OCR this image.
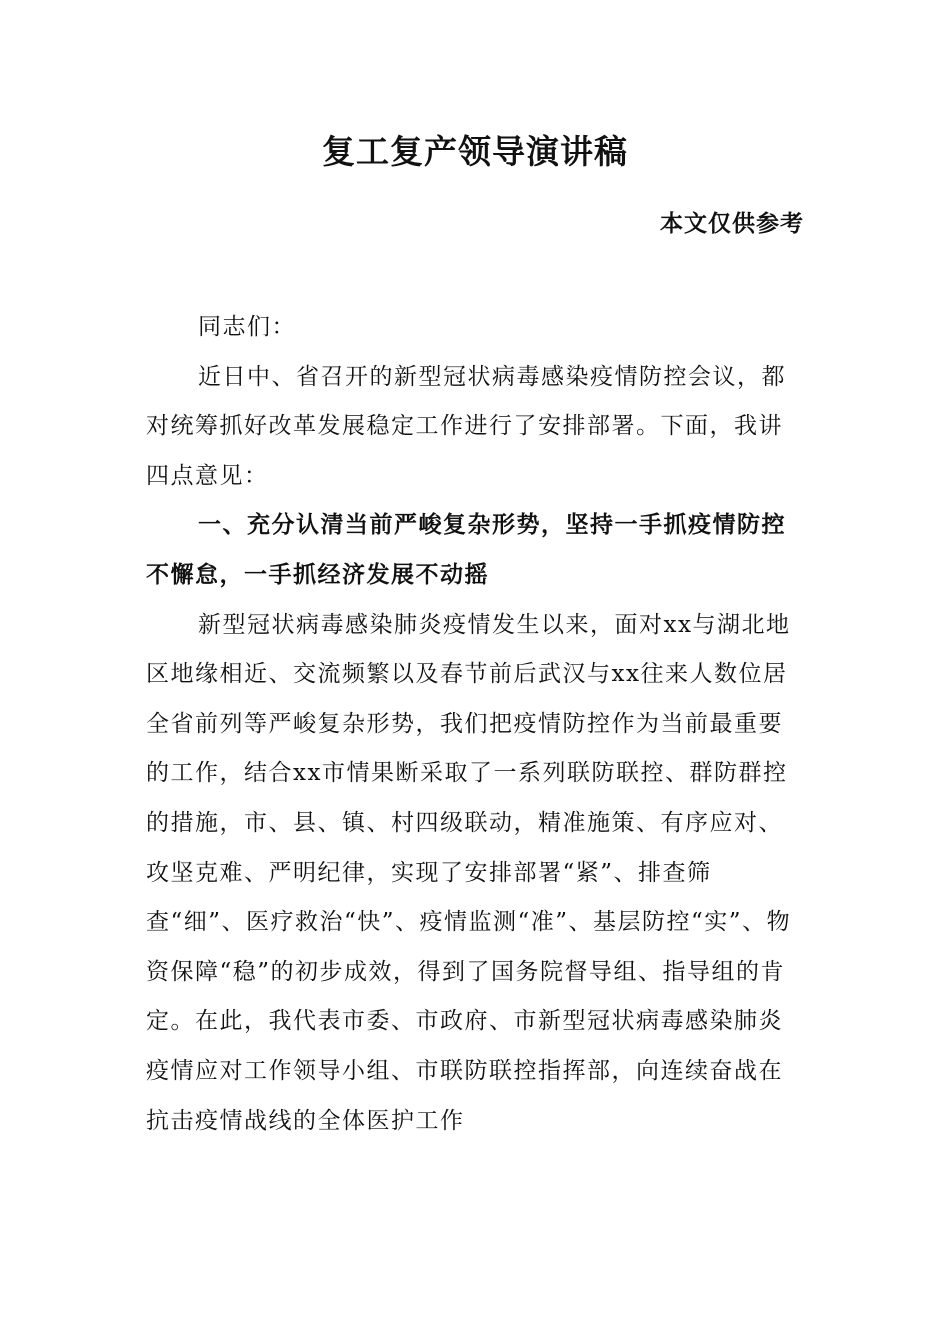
复工复产领导演讲稿
本文仅供参考

同志们：

近日中、省召开的新型冠状病毒感染疫情防控会议，都对统筹抓好改革发展稳定工作进行了安排部署。下面，我讲四点意见：

一、充分认清当前严峻复杂形势，坚持一手抓疫情防控不懈怠，一手抓经济发展不动摇

新型冠状病毒感染肺炎疫情发生以来，面对xx与湖北地区地缘相近、交流频繁以及春节前后武汉与xx往来人数位居全省前列等严峻复杂形势，我们把疫情防控作为当前最重要的工作，结合xx市情果断采取了一系列联防联控、群防群控的措施，市、县、镇、村四级联动，精准施策、有序应对、攻坚克难、严明纪律，实现了安排部署“紧”、排查筛查“细”、医疗救治“快”、疫情监测“准”、基层防控“实”、物资保障“稳”的初步成效，得到了国务院督导组、指导组的肯定。在此，我代表市委、市政府、市新型冠状病毒感染肺炎疫情应对工作领导小组、市联防联控指挥部，向连续奋战在抗击疫情战线的全体医护工作
